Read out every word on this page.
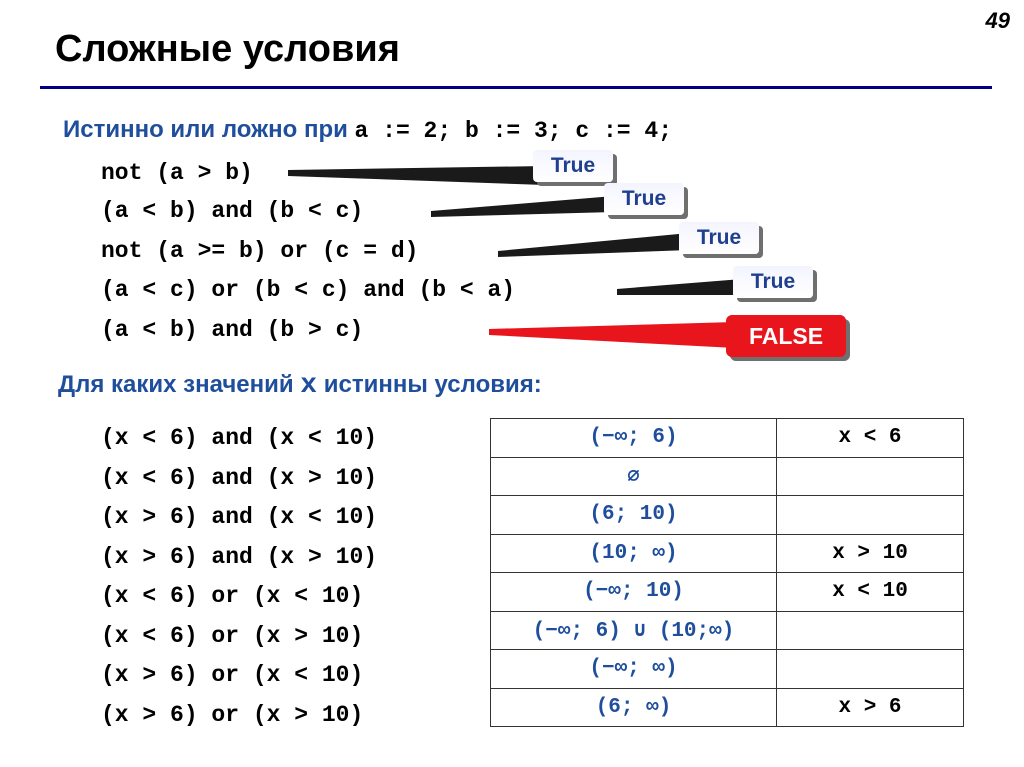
49
Сложные условия
Истинно или ложно при a := 2; b := 3; c := 4;
not (a > b)
(a < b) and (b < c)
not (a >= b) or (c = d)
(a < c) or (b < c) and (b < a)
(a < b) and (b > c)
True
True
True
True
FALSE
Для каких значений x истинны условия:
(x < 6) and (x < 10)
(x < 6) and (x > 10)
(x > 6) and (x < 10)
(x > 6) and (x > 10)
(x < 6) or (x < 10)
(x < 6) or (x > 10)
(x > 6) or (x < 10)
(x > 6) or (x > 10)
(−∞; 6)	x < 6
∅	
(6; 10)	
(10; ∞)	x > 10
(−∞; 10)	x < 10
(−∞; 6) ∪ (10;∞)	
(−∞; ∞)	
(6; ∞)	x > 6
